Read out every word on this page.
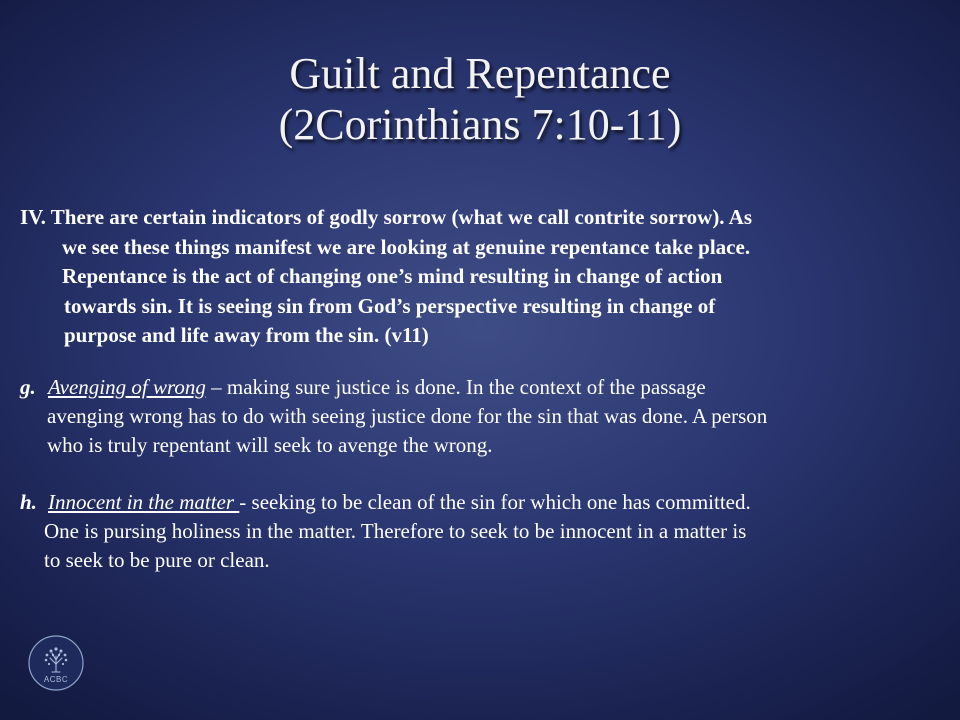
Guilt and Repentance
(2Corinthians 7:10-11)
IV. There are certain indicators of godly sorrow (what we call contrite sorrow). As
we see these things manifest we are looking at genuine repentance take place.
Repentance is the act of changing one’s mind resulting in change of action
towards sin. It is seeing sin from God’s perspective resulting in change of
purpose and life away from the sin. (v11)
g. Avenging of wrong – making sure justice is done. In the context of the passage
avenging wrong has to do with seeing justice done for the sin that was done. A person
who is truly repentant will seek to avenge the wrong.
h. Innocent in the matter - seeking to be clean of the sin for which one has committed.
One is pursing holiness in the matter. Therefore to seek to be innocent in a matter is
to seek to be pure or clean.
ACBC
